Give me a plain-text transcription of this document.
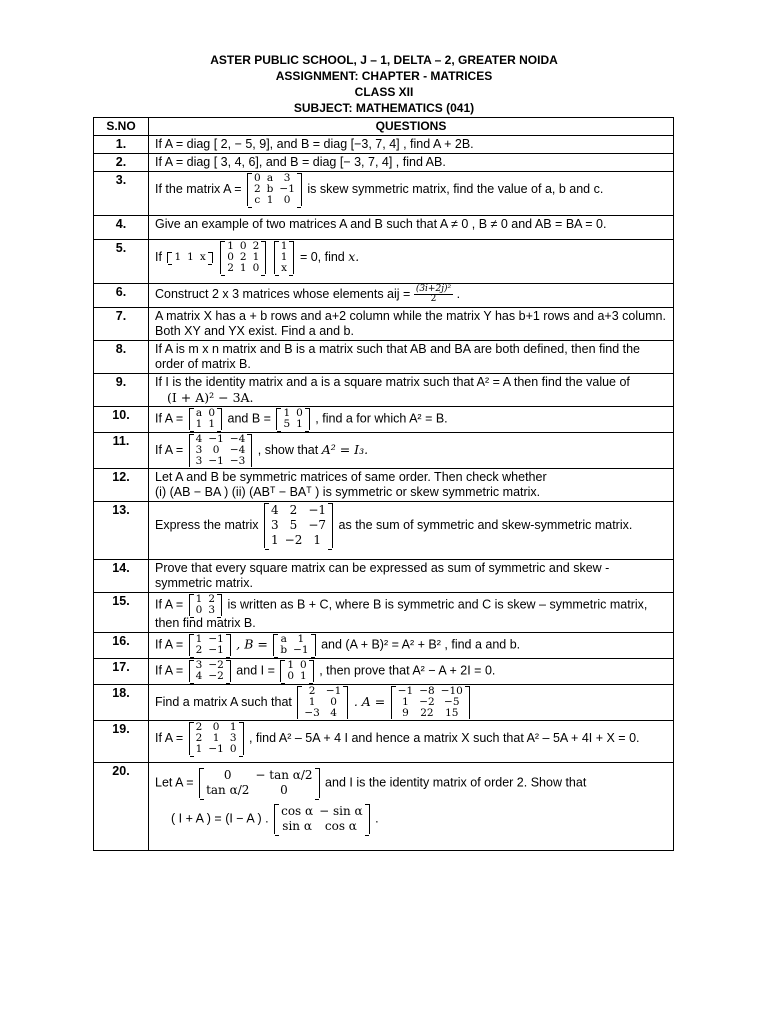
ASTER PUBLIC SCHOOL, J – 1, DELTA – 2, GREATER NOIDA
ASSIGNMENT: CHAPTER - MATRICES
CLASS XII
SUBJECT: MATHEMATICS (041)
S.NO	QUESTIONS
1.	If A = diag [ 2, − 5, 9], and B = diag [−3, 7, 4] , find A + 2B.
2.	If A = diag [ 3, 4, 6], and B = diag [− 3, 7, 4] , find AB.
3.	If the matrix A =
0	a	3
2	b	−1
c	1	0
is skew symmetric matrix, find the value of a, b and c.
4.	Give an example of two matrices A and B such that A ≠ 0 , B ≠ 0 and AB = BA = 0.
5.	If 1	1	x

1	0	2
0	2	1
2	1	0

1
1
x
= 0, find x.
6.	Construct 2 x 3 matrices whose elements aij = $\frac{\text{(3i+2j)²}}{2}$ .
7.	A matrix X has a + b rows and a+2 column while the matrix Y has b+1 rows and a+3 column. Both XY and YX exist. Find a and b.
8.	If A is m x n matrix and B is a matrix such that AB and BA are both defined, then find the order of matrix B.
9.	If I is the identity matrix and a is a square matrix such that A² = A then find the value of
(I + A)² − 3A.

10.	If A = a	0
1	1 and B = 1	0
5	1 , find a for which A² = B.
11.	If A =
4	−1	−4
3	0	−4
3	−1	−3
, show that A² = I₃.
12.	Let A and B be symmetric matrices of same order. Then check whether
(i) (AB − BA ) (ii) (ABᵀ − BAᵀ ) is symmetric or skew symmetric matrix.

13.	Express the matrix
4	2	−1
3	5	−7
1	−2	1
as the sum of symmetric and skew-symmetric matrix.
14.	Prove that every square matrix can be expressed as sum of symmetric and skew - symmetric matrix.
15.	If A = 1	2
0	3 is written as B + C, where B is symmetric and C is skew – symmetric matrix,
then find matrix B.

16.	If A = 1	−1
2	−1 , B = a	1
b	−1 and (A + B)² = A² + B² , find a and b.
17.	If A = 3	−2
4	−2 and I = 1	0
0	1 , then prove that A² − A + 2I = 0.
18.	Find a matrix A such that
2	−1
1	0
−3	4
. A =
−1	−8	−10
1	−2	−5
9	22	15

19.	If A =
2	0	1
2	1	3
1	−1	0
, find A² – 5A + 4 I and hence a matrix X such that A² – 5A + 4I + X = 0.
20.	
Let A =
0	− tan α/2
tan α/2	0
and I is the identity matrix of order 2. Show that
( I + A ) = (I − A ) .
cos α	− sin α
sin α	cos α
.
